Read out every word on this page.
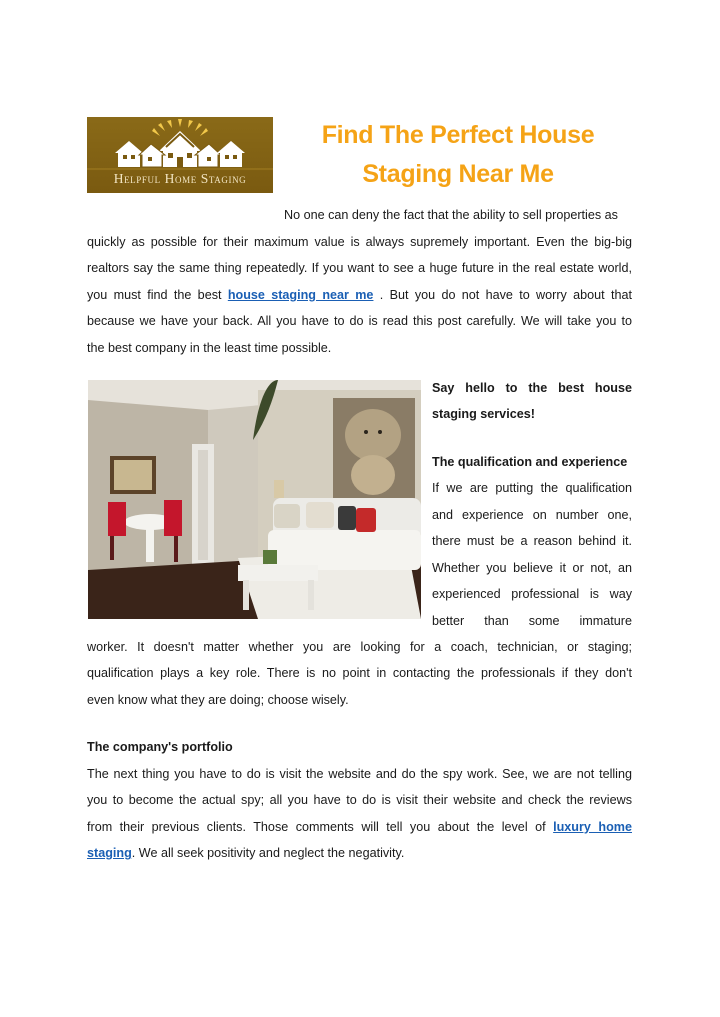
Helpful Home Staging
Find The Perfect House
Staging Near Me
No one can deny the fact that the ability to sell properties as
quickly as possible for their maximum value is always supremely important. Even the big-big
realtors say the same thing repeatedly. If you want to see a huge future in the real estate world,
you must find the best house staging near me . But you do not have to worry about that
because we have your back. All you have to do is read this post carefully. We will take you to
the best company in the least time possible.
Say hello to the best house
staging services!
The qualification and experience
If we are putting the qualification
and experience on number one,
there must be a reason behind it.
Whether you believe it or not, an
experienced professional is way
better than some immature
worker. It doesn't matter whether you are looking for a coach, technician, or staging;
qualification plays a key role. There is no point in contacting the professionals if they don't
even know what they are doing; choose wisely.
The company's portfolio
The next thing you have to do is visit the website and do the spy work. See, we are not telling
you to become the actual spy; all you have to do is visit their website and check the reviews
from their previous clients. Those comments will tell you about the level of luxury home
staging. We all seek positivity and neglect the negativity.
